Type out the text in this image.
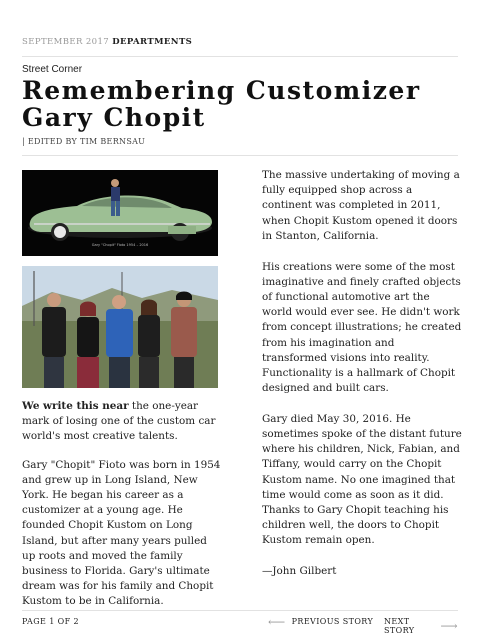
SEPTEMBER 2017 DEPARTMENTS
Street Corner
Remembering Customizer Gary Chopit
| EDITED BY TIM BERNSAU
Gary "Chopit" Fioto 1954 – 2016

We write this near the one-year mark of losing one of the custom car world's most creative talents.

Gary "Chopit" Fioto was born in 1954 and grew up in Long Island, New York. He began his career as a customizer at a young age. He founded Chopit Kustom on Long Island, but after many years pulled up roots and moved the family business to Florida. Gary's ultimate dream was for his family and Chopit Kustom to be in California.

The massive undertaking of moving a fully equipped shop across a continent was completed in 2011, when Chopit Kustom opened it doors in Stanton, California.

His creations were some of the most imaginative and finely crafted objects of functional automotive art the world would ever see. He didn't work from concept illustrations; he created from his imagination and transformed visions into reality. Functionality is a hallmark of Chopit designed and built cars.

Gary died May 30, 2016. He sometimes spoke of the distant future where his children, Nick, Fabian, and Tiffany, would carry on the Chopit Kustom name. No one imagined that time would come as soon as it did. Thanks to Gary Chopit teaching his children well, the doors to Chopit Kustom remain open.

—John Gilbert

PAGE 1 OF 2	⟵ PREVIOUS STORY NEXT STORY	⟶
